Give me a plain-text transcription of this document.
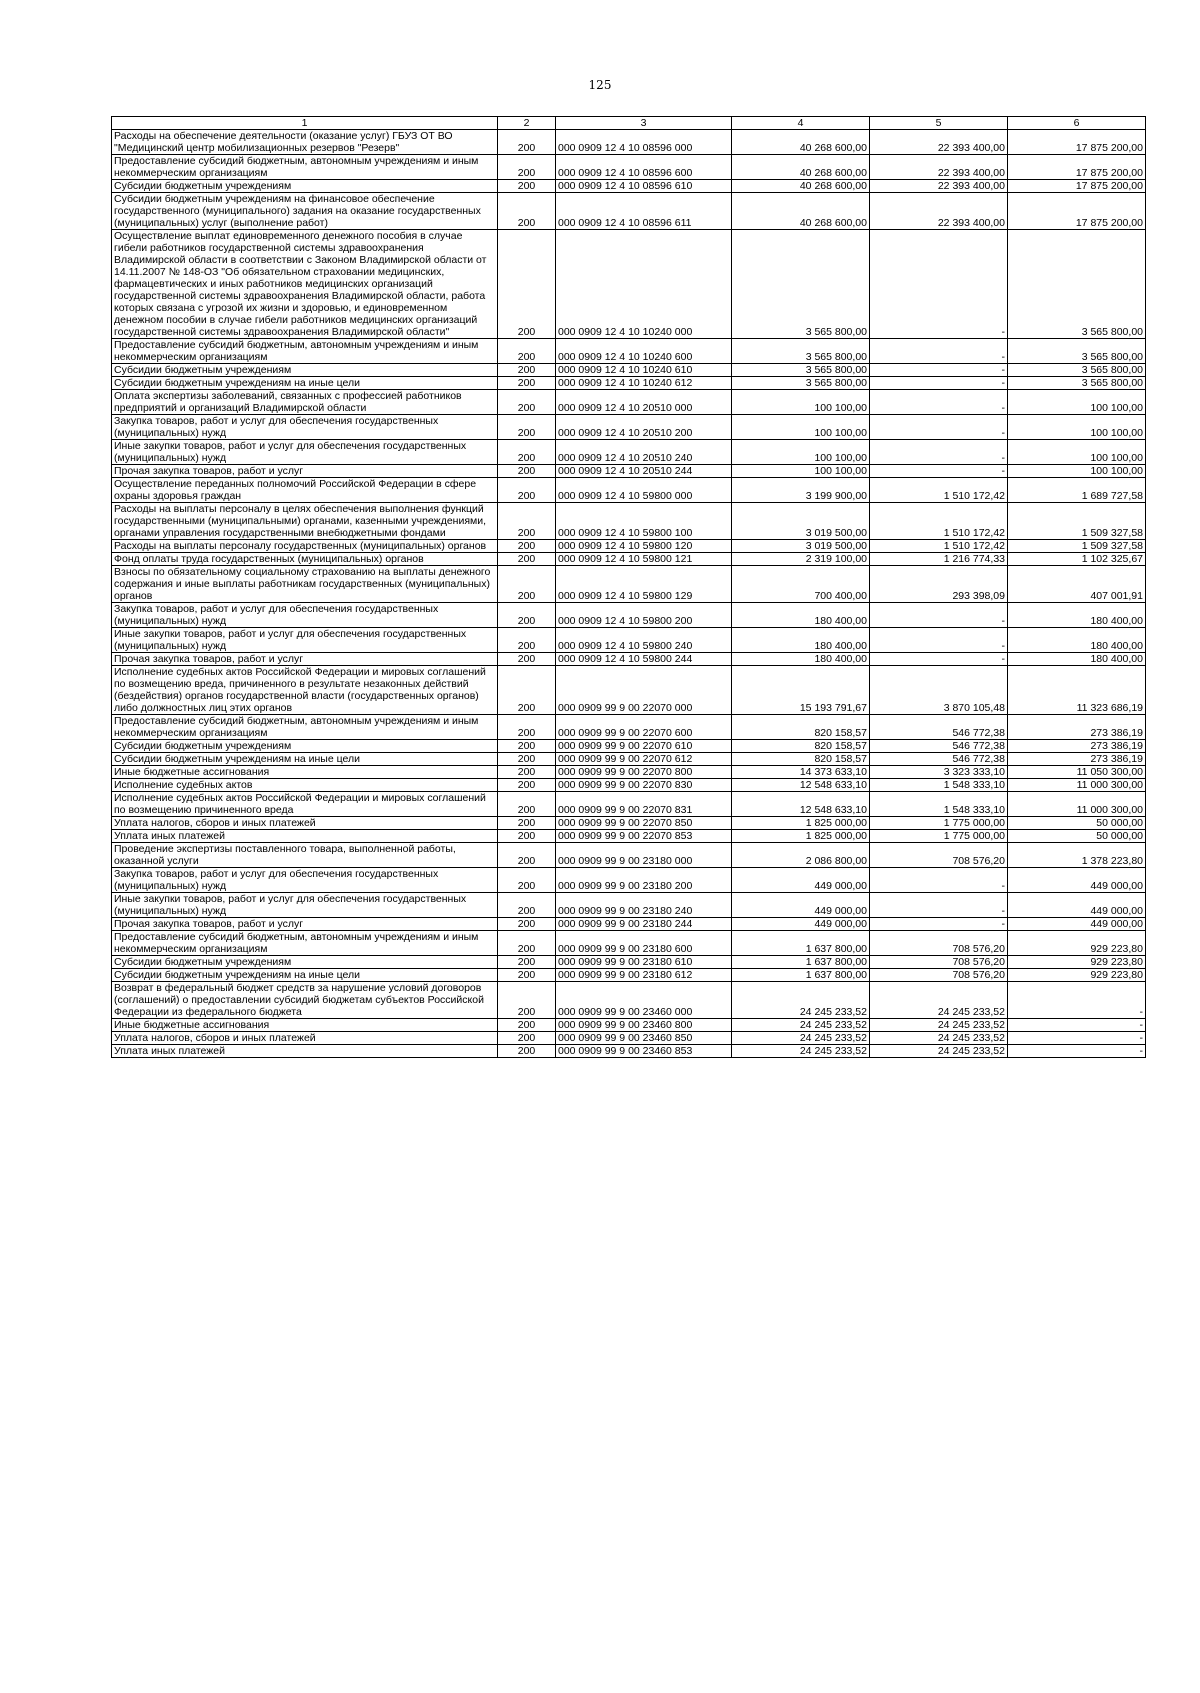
125
1	2	3	4	5	6
Расходы на обеспечение деятельности (оказание услуг) ГБУЗ ОТ ВО "Медицинский центр мобилизационных резервов "Резерв"	200	000 0909 12 4 10 08596 000	40 268 600,00	22 393 400,00	17 875 200,00
Предоставление субсидий бюджетным, автономным учреждениям и иным некоммерческим организациям	200	000 0909 12 4 10 08596 600	40 268 600,00	22 393 400,00	17 875 200,00
Субсидии бюджетным учреждениям	200	000 0909 12 4 10 08596 610	40 268 600,00	22 393 400,00	17 875 200,00
Субсидии бюджетным учреждениям на финансовое обеспечение государственного (муниципального) задания на оказание государственных (муниципальных) услуг (выполнение работ)	200	000 0909 12 4 10 08596 611	40 268 600,00	22 393 400,00	17 875 200,00
Осуществление выплат единовременного денежного пособия в случае гибели работников государственной системы здравоохранения Владимирской области в соответствии с Законом Владимирской области от 14.11.2007 № 148-ОЗ "Об обязательном страховании медицинских, фармацевтических и иных работников медицинских организаций государственной системы здравоохранения Владимирской области, работа которых связана с угрозой их жизни и здоровью, и единовременном денежном пособии в случае гибели работников медицинских организаций государственной системы здравоохранения Владимирской области"	200	000 0909 12 4 10 10240 000	3 565 800,00	-	3 565 800,00
Предоставление субсидий бюджетным, автономным учреждениям и иным некоммерческим организациям	200	000 0909 12 4 10 10240 600	3 565 800,00	-	3 565 800,00
Субсидии бюджетным учреждениям	200	000 0909 12 4 10 10240 610	3 565 800,00	-	3 565 800,00
Субсидии бюджетным учреждениям на иные цели	200	000 0909 12 4 10 10240 612	3 565 800,00	-	3 565 800,00
Оплата экспертизы заболеваний, связанных с профессией работников предприятий и организаций Владимирской области	200	000 0909 12 4 10 20510 000	100 100,00	-	100 100,00
Закупка товаров, работ и услуг для обеспечения государственных (муниципальных) нужд	200	000 0909 12 4 10 20510 200	100 100,00	-	100 100,00
Иные закупки товаров, работ и услуг для обеспечения государственных (муниципальных) нужд	200	000 0909 12 4 10 20510 240	100 100,00	-	100 100,00
Прочая закупка товаров, работ и услуг	200	000 0909 12 4 10 20510 244	100 100,00	-	100 100,00
Осуществление переданных полномочий Российской Федерации в сфере охраны здоровья граждан	200	000 0909 12 4 10 59800 000	3 199 900,00	1 510 172,42	1 689 727,58
Расходы на выплаты персоналу в целях обеспечения выполнения функций государственными (муниципальными) органами, казенными учреждениями, органами управления государственными внебюджетными фондами	200	000 0909 12 4 10 59800 100	3 019 500,00	1 510 172,42	1 509 327,58
Расходы на выплаты персоналу государственных (муниципальных) органов	200	000 0909 12 4 10 59800 120	3 019 500,00	1 510 172,42	1 509 327,58
Фонд оплаты труда государственных (муниципальных) органов	200	000 0909 12 4 10 59800 121	2 319 100,00	1 216 774,33	1 102 325,67
Взносы по обязательному социальному страхованию на выплаты денежного содержания и иные выплаты работникам государственных (муниципальных) органов	200	000 0909 12 4 10 59800 129	700 400,00	293 398,09	407 001,91
Закупка товаров, работ и услуг для обеспечения государственных (муниципальных) нужд	200	000 0909 12 4 10 59800 200	180 400,00	-	180 400,00
Иные закупки товаров, работ и услуг для обеспечения государственных (муниципальных) нужд	200	000 0909 12 4 10 59800 240	180 400,00	-	180 400,00
Прочая закупка товаров, работ и услуг	200	000 0909 12 4 10 59800 244	180 400,00	-	180 400,00
Исполнение судебных актов Российской Федерации и мировых соглашений по возмещению вреда, причиненного в результате незаконных действий (бездействия) органов государственной власти (государственных органов) либо должностных лиц этих органов	200	000 0909 99 9 00 22070 000	15 193 791,67	3 870 105,48	11 323 686,19
Предоставление субсидий бюджетным, автономным учреждениям и иным некоммерческим организациям	200	000 0909 99 9 00 22070 600	820 158,57	546 772,38	273 386,19
Субсидии бюджетным учреждениям	200	000 0909 99 9 00 22070 610	820 158,57	546 772,38	273 386,19
Субсидии бюджетным учреждениям на иные цели	200	000 0909 99 9 00 22070 612	820 158,57	546 772,38	273 386,19
Иные бюджетные ассигнования	200	000 0909 99 9 00 22070 800	14 373 633,10	3 323 333,10	11 050 300,00
Исполнение судебных актов	200	000 0909 99 9 00 22070 830	12 548 633,10	1 548 333,10	11 000 300,00
Исполнение судебных актов Российской Федерации и мировых соглашений по возмещению причиненного вреда	200	000 0909 99 9 00 22070 831	12 548 633,10	1 548 333,10	11 000 300,00
Уплата налогов, сборов и иных платежей	200	000 0909 99 9 00 22070 850	1 825 000,00	1 775 000,00	50 000,00
Уплата иных платежей	200	000 0909 99 9 00 22070 853	1 825 000,00	1 775 000,00	50 000,00
Проведение экспертизы поставленного товара, выполненной работы, оказанной услуги	200	000 0909 99 9 00 23180 000	2 086 800,00	708 576,20	1 378 223,80
Закупка товаров, работ и услуг для обеспечения государственных (муниципальных) нужд	200	000 0909 99 9 00 23180 200	449 000,00	-	449 000,00
Иные закупки товаров, работ и услуг для обеспечения государственных (муниципальных) нужд	200	000 0909 99 9 00 23180 240	449 000,00	-	449 000,00
Прочая закупка товаров, работ и услуг	200	000 0909 99 9 00 23180 244	449 000,00	-	449 000,00
Предоставление субсидий бюджетным, автономным учреждениям и иным некоммерческим организациям	200	000 0909 99 9 00 23180 600	1 637 800,00	708 576,20	929 223,80
Субсидии бюджетным учреждениям	200	000 0909 99 9 00 23180 610	1 637 800,00	708 576,20	929 223,80
Субсидии бюджетным учреждениям на иные цели	200	000 0909 99 9 00 23180 612	1 637 800,00	708 576,20	929 223,80
Возврат в федеральный бюджет средств за нарушение условий договоров (соглашений) о предоставлении субсидий бюджетам субъектов Российской Федерации из федерального бюджета	200	000 0909 99 9 00 23460 000	24 245 233,52	24 245 233,52	-
Иные бюджетные ассигнования	200	000 0909 99 9 00 23460 800	24 245 233,52	24 245 233,52	-
Уплата налогов, сборов и иных платежей	200	000 0909 99 9 00 23460 850	24 245 233,52	24 245 233,52	-
Уплата иных платежей	200	000 0909 99 9 00 23460 853	24 245 233,52	24 245 233,52	-
